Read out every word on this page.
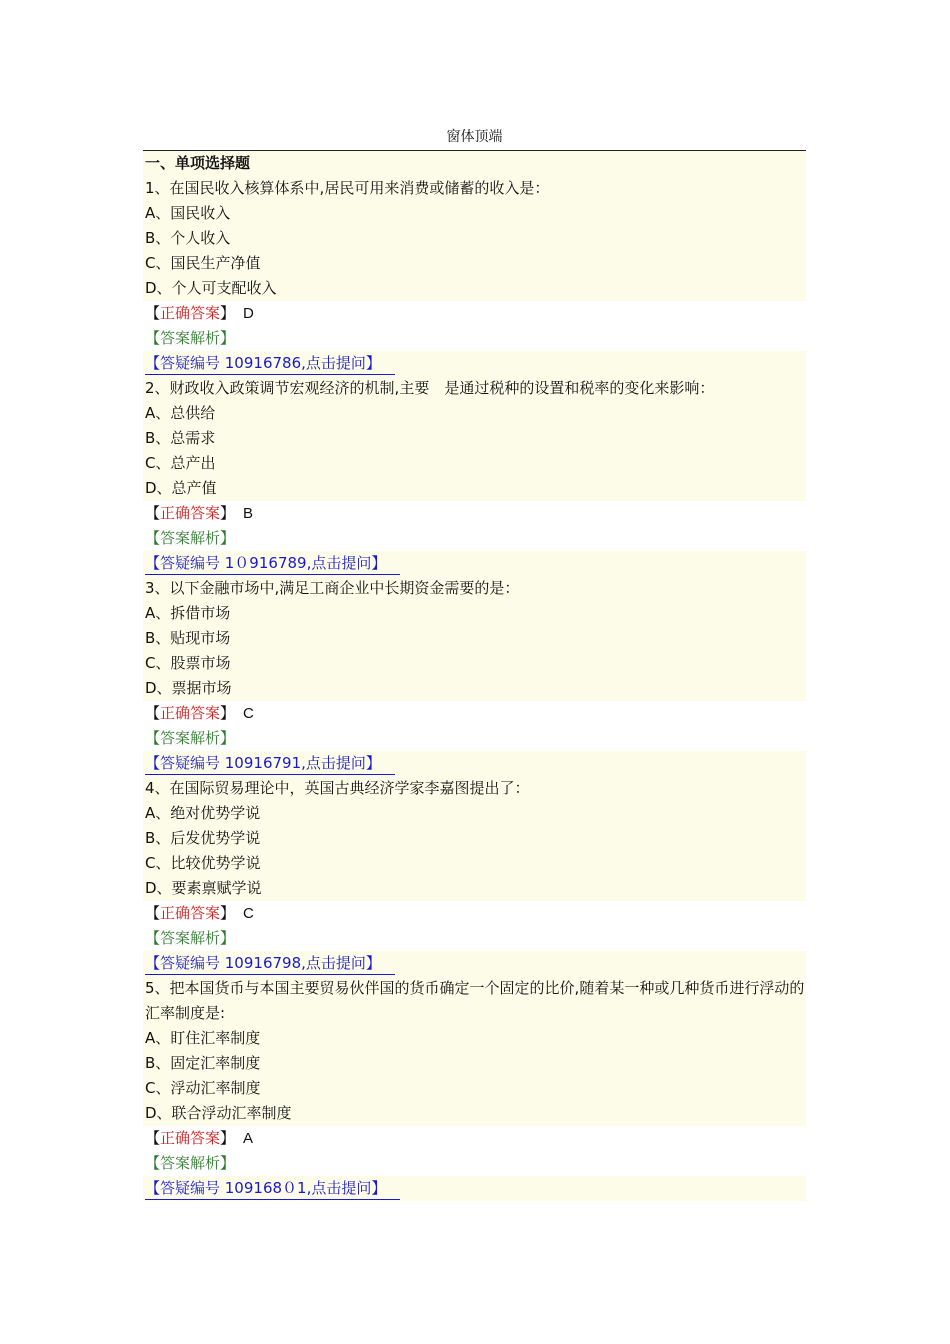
窗体顶端
一、单项选择题
1、在国民收入核算体系中,居民可用来消费或储蓄的收入是：
A、国民收入
B、个人收入
C、国民生产净值
D、个人可支配收入
【正确答案】 D
【答案解析】
【答疑编号 10916786,点击提问】
2、财政收入政策调节宏观经济的机制,主要　是通过税种的设置和税率的变化来影响：
A、总供给
B、总需求
C、总产出
D、总产值
【正确答案】 B
【答案解析】
【答疑编号 1０916789,点击提问】
3、以下金融市场中,满足工商企业中长期资金需要的是：
A、拆借市场
B、贴现市场
C、股票市场
D、票据市场
【正确答案】 C
【答案解析】
【答疑编号 10916791,点击提问】
4、在国际贸易理论中，英国古典经济学家李嘉图提出了：
A、绝对优势学说
B、后发优势学说
C、比较优势学说
D、要素禀赋学说
【正确答案】 C
【答案解析】
【答疑编号 10916798,点击提问】
5、把本国货币与本国主要贸易伙伴国的货币确定一个固定的比价,随着某一种或几种货币进行浮动的汇率制度是:
A、盯住汇率制度
B、固定汇率制度
C、浮动汇率制度
D、联合浮动汇率制度
【正确答案】 A
【答案解析】
【答疑编号 109168０1,点击提问】
